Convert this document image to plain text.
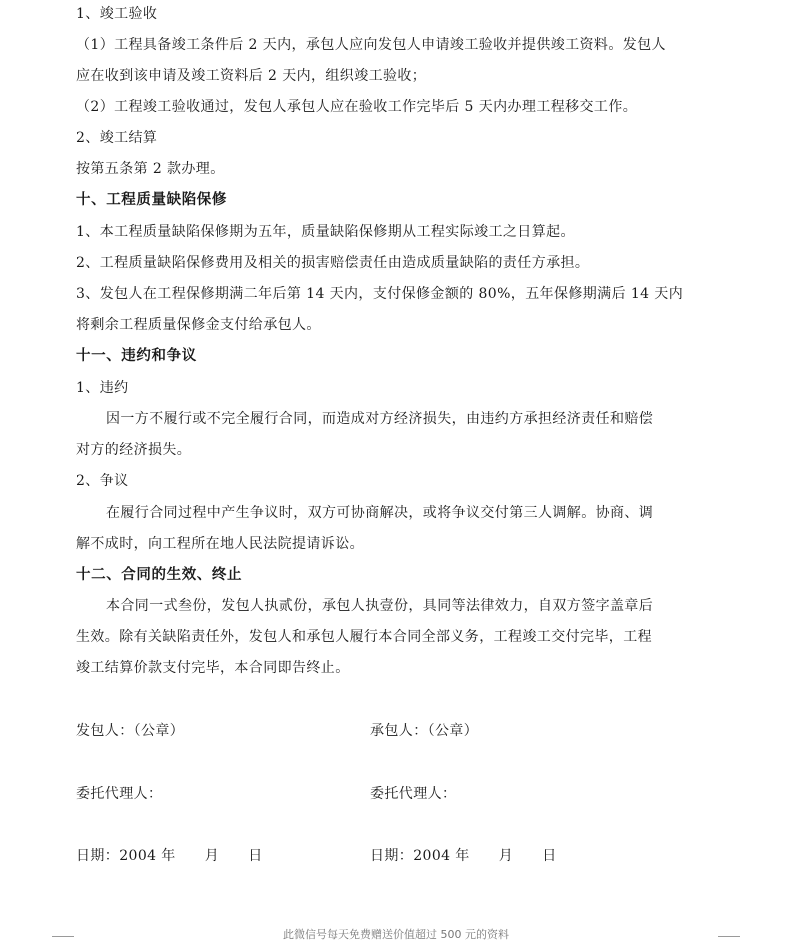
1、竣工验收
（1）工程具备竣工条件后 2 天内，承包人应向发包人申请竣工验收并提供竣工资料。发包人
应在收到该申请及竣工资料后 2 天内，组织竣工验收；
（2）工程竣工验收通过，发包人承包人应在验收工作完毕后 5 天内办理工程移交工作。
2、竣工结算
按第五条第 2 款办理。
十、工程质量缺陷保修
1、本工程质量缺陷保修期为五年，质量缺陷保修期从工程实际竣工之日算起。
2、工程质量缺陷保修费用及相关的损害赔偿责任由造成质量缺陷的责任方承担。
3、发包人在工程保修期满二年后第 14 天内，支付保修金额的 80%，五年保修期满后 14 天内
将剩余工程质量保修金支付给承包人。
十一、违约和争议
1、违约
因一方不履行或不完全履行合同，而造成对方经济损失，由违约方承担经济责任和赔偿
对方的经济损失。
2、争议
在履行合同过程中产生争议时，双方可协商解决，或将争议交付第三人调解。协商、调
解不成时，向工程所在地人民法院提请诉讼。
十二、合同的生效、终止
本合同一式叁份，发包人执贰份，承包人执壹份，具同等法律效力，自双方签字盖章后
生效。除有关缺陷责任外，发包人和承包人履行本合同全部义务，工程竣工交付完毕，工程
竣工结算价款支付完毕，本合同即告终止。
发包人：（公章）	承包人：（公章）
委托代理人：	委托代理人：
日期：2004 年      月      日	日期：2004 年      月      日
此微信号每天免费赠送价值超过 500 元的资料
